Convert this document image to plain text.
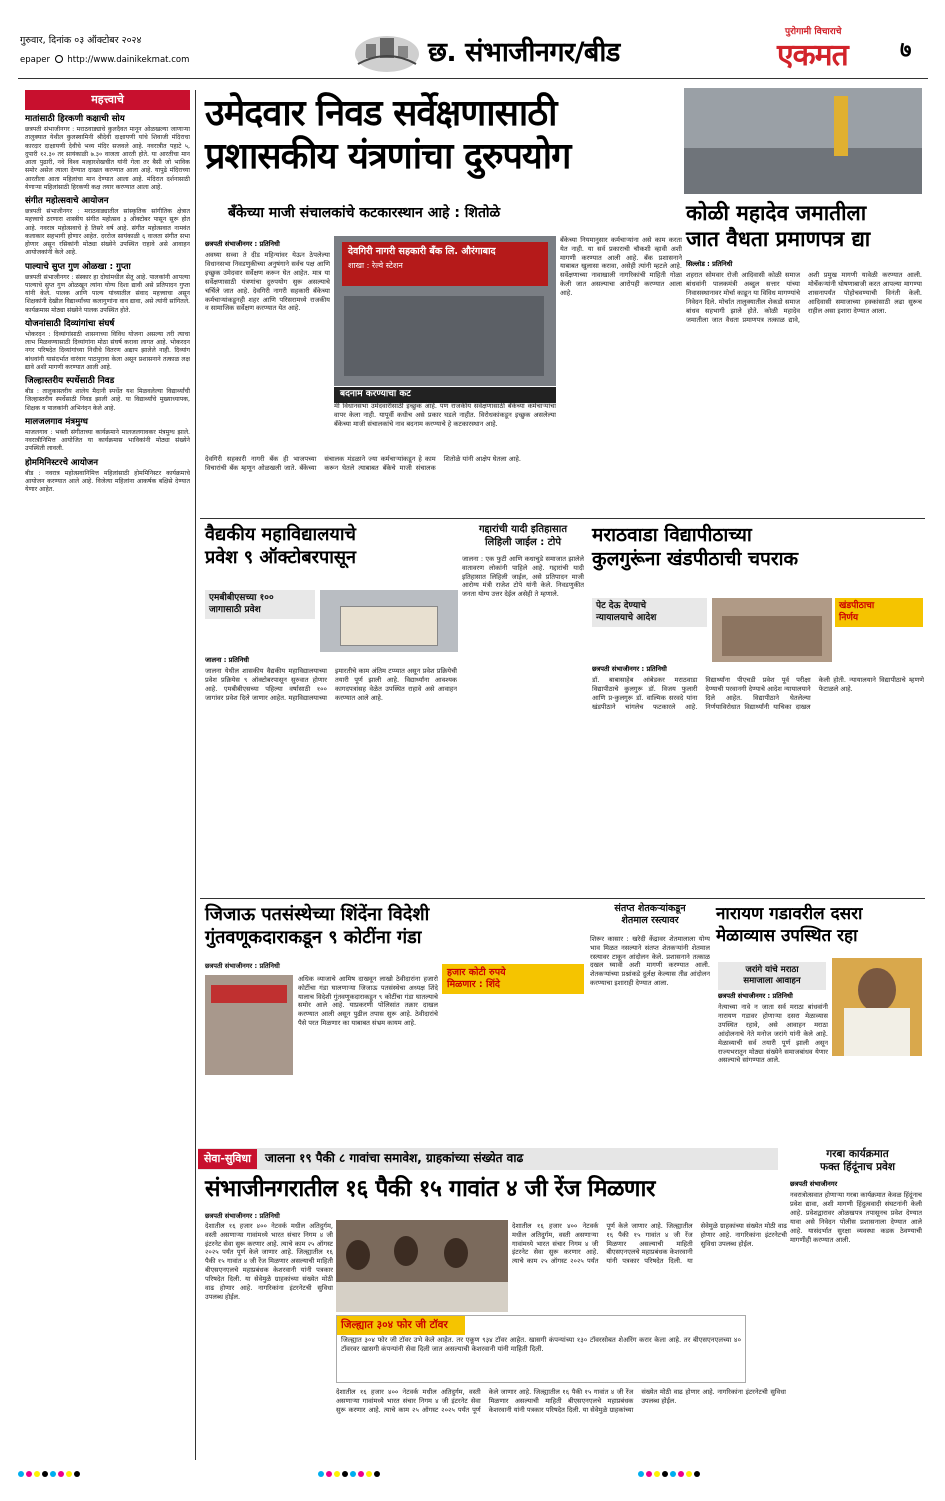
गुरुवार, दिनांक ०३ ऑक्टोबर २०२४
epaper http://www.dainikekmat.com	छ. संभाजीनगर/बीड
पुरोगामी विचाराचे
एकमत ७
महत्त्वाचे
मातांसाठी हिरकणी कक्षाची सोय

छत्रपती संभाजीनगर : मराठवाड्याचे कुलदैवत मानून ओळखल्या जाणाऱ्या तालुक्यात येथील कुलस्वामिनी श्रीदेवी दाक्षायणी यांचे शिवाजी मंदिराचा कारदार दाक्षायणी देवीचे भव्य मंदिर सजवले आहे. नवरात्रीत पहाटे ५, दुपारी १२.३० तर सायंकाळी ७.३० वाजता आरती होते. या आरतीचा मान आता पुढारी, नवे विश्व मल्हारशेखचीत यांनी गेला तर बैसी जो भाविक समोर असेल त्याला देण्यात दाखल करण्यात आला आहे. यापुढे मंदिराच्या आरतीला आता महिलांचा मान देण्यात आला आहे. मंदिरात दर्शनासाठी येणाऱ्या महिलांसाठी हिरकणी कक्ष तयार करण्यात आला आहे.

संगीत महोत्सवाचे आयोजन

छत्रपती संभाजीनगर : मराठवाड्यातील सांस्कृतिक सांगीतिक क्षेत्रात महत्त्वाचे ठरणारा शास्त्रीय संगीत महोत्सव ३ ऑक्टोबर पासून सुरू होत आहे. नवरात्र महोत्सवाचे हे तिसरे वर्ष आहे. संगीत महोत्सवात नामवंत कलाकार सहभागी होणार आहेत. दररोज सायंकाळी ६ वाजता संगीत सभा होणार असून रसिकांनी मोठ्या संख्येने उपस्थित राहावे असे आवाहन आयोजकांनी केले आहे.

पाल्याचे सुप्त गुण ओळखा : गुप्ता

छत्रपती संभाजीनगर : संस्कार हा दोघांमधील सेतू आहे. पालकांनी आपल्या पाल्याचे सुप्त गुण ओळखून त्यांना योग्य दिशा द्यावी असे प्रतिपादन गुप्ता यांनी केले. पालक आणि पाल्य यांच्यातील संवाद महत्त्वाचा असून शिक्षकांनी देखील विद्यार्थ्यांच्या कलागुणांना वाव द्यावा, असे त्यांनी सांगितले. कार्यक्रमास मोठ्या संख्येने पालक उपस्थित होते.

योजनांसाठी दिव्यांगांचा संघर्ष

भोकरदन : दिव्यांगांसाठी शासनाच्या विविध योजना असल्या तरी त्याचा लाभ मिळवण्यासाठी दिव्यांगांना मोठा संघर्ष करावा लागत आहे. भोकरदन नगर परिषदेत दिव्यांगांच्या निधीचे वितरण अद्याप झालेले नाही. दिव्यांग बांधवांनी यासंदर्भात वारंवार पाठपुरावा केला असून प्रशासनाने तत्काळ लक्ष द्यावे अशी मागणी करण्यात आली आहे.

जिल्हास्तरीय स्पर्धेसाठी निवड

बीड : तालुकास्तरीय शालेय मैदानी स्पर्धेत यश मिळवलेल्या विद्यार्थ्यांची जिल्हास्तरीय स्पर्धेसाठी निवड झाली आहे. या विद्यार्थ्यांचे मुख्याध्यापक, शिक्षक व पालकांनी अभिनंदन केले आहे.

मालजलगाव मंत्रमुग्ध

माजलगाव : भक्ती संगीताच्या कार्यक्रमाने मालजलगावकर मंत्रमुग्ध झाले. नवरात्रीनिमित्त आयोजित या कार्यक्रमास भाविकांनी मोठ्या संख्येने उपस्थिती लावली.

होममिनिस्टरचे आयोजन

बीड : नवरात्र महोत्सवानिमित्त महिलांसाठी होममिनिस्टर कार्यक्रमाचे आयोजन करण्यात आले आहे. विजेत्या महिलांना आकर्षक बक्षिसे देण्यात येणार आहेत.

उमेदवार निवड सर्वेक्षणासाठी
प्रशासकीय यंत्रणांचा दुरुपयोग
बँकेच्या माजी संचालकांचे कटकारस्थान आहे : शितोळे
छत्रपती संभाजीनगर : प्रतिनिधी
अवघ्या सव्वा ते दीड महिन्यांवर येऊन ठेपलेल्या विधानसभा निवडणुकीच्या अनुषंगाने सर्वच पक्ष आणि इच्छुक उमेदवार सर्वेक्षण करून घेत आहेत. मात्र या सर्वेक्षणासाठी यंत्रणांचा दुरुपयोग सुरू असल्याचे चर्चिले जात आहे. देवगिरी नागरी सहकारी बँकेच्या कर्मचाऱ्यांकडूनही शहर आणि परिसरामध्ये राजकीय व सामाजिक सर्वेक्षण करण्यात येत आहे.
देवगिरी नागरी सहकारी बँक लि. औरंगाबाद
शाखा : रेल्वे स्टेशन
बदनाम करण्याचा कट
मी विधानसभा उमेदवारीसाठी इच्छुक आहे. पण राजकीय सर्वेक्षणासाठी बँकेच्या कर्मचाऱ्यांचा वापर केला नाही. यापूर्वी कधीच असे प्रकार घडले नाहीत. विरोधकांकडून इच्छुक असलेल्या बँकेच्या माजी संचालकांचे नाव बदनाम करण्याचे हे कटकारस्थान आहे.
बँकेच्या नियमानुसार कर्मचाऱ्यांना असे काम करता येत नाही. या सर्व प्रकाराची चौकशी व्हावी अशी मागणी करण्यात आली आहे. बँक प्रशासनाने याबाबत खुलासा करावा, असेही त्यांनी म्हटले आहे. सर्वेक्षणाच्या नावाखाली नागरिकांची माहिती गोळा केली जात असल्याचा आरोपही करण्यात आला आहे.
देवगिरी सहकारी नागरी बँक ही भाजपच्या विचारांची बँक म्हणून ओळखली जाते. बँकेच्या संचालक मंडळाने ज्या कर्मचाऱ्यांकडून हे काम करून घेतले त्याबाबत बँकेचे माजी संचालक शितोळे यांनी आक्षेप घेतला आहे.
कोळी महादेव जमातीला
जात वैधता प्रमाणपत्र द्या
सिल्लोड : प्रतिनिधी
शहरात सोमवार रोजी आदिवासी कोळी समाज बांधवांनी पालकमंत्री अब्दुल सत्तार यांच्या निवासस्थानावर मोर्चा काढून या विविध मागण्यांचे निवेदन दिले. मोर्चात तालुक्यातील शेकडो समाज बांधव सहभागी झाले होते. कोळी महादेव जमातीला जात वैधता प्रमाणपत्र तत्काळ द्यावे, अशी प्रमुख मागणी यावेळी करण्यात आली. मोर्चेकऱ्यांनी घोषणाबाजी करत आपल्या मागण्या शासनापर्यंत पोहोचवण्याची विनंती केली. आदिवासी समाजाच्या हक्कांसाठी लढा सुरूच राहील असा इशारा देण्यात आला.
वैद्यकीय महाविद्यालयाचे
प्रवेश ९ ऑक्टोबरपासून
एमबीबीएसच्या १००
जागासाठी प्रवेश
जालना : प्रतिनिधी
जालना येथील शासकीय वैद्यकीय महाविद्यालयाच्या प्रवेश प्रक्रियेस ९ ऑक्टोबरपासून सुरुवात होणार आहे. एमबीबीएसच्या पहिल्या वर्षासाठी १०० जागांवर प्रवेश दिले जाणार आहेत. महाविद्यालयाच्या इमारतीचे काम अंतिम टप्प्यात असून प्रवेश प्रक्रियेची तयारी पूर्ण झाली आहे. विद्यार्थ्यांना आवश्यक कागदपत्रांसह वेळेत उपस्थित राहावे असे आवाहन करण्यात आले आहे.
गद्दारांची यादी इतिहासात
लिहिली जाईल : टोपे
जालना : एक फुटी आणि कधाचुडे समाजात झालेले वातावरण लोकांनी पाहिले आहे. गद्दारांची यादी इतिहासात लिहिली जाईल, असे प्रतिपादन माजी आरोग्य मंत्री राजेश टोपे यांनी केले. निवडणुकीत जनता योग्य उत्तर देईल असेही ते म्हणाले.
मराठवाडा विद्यापीठाच्या
कुलगुरूंना खंडपीठाची चपराक
पेट देऊ देण्याचे
न्यायालयाचे आदेश
खंडपीठाचा
निर्णय
छत्रपती संभाजीनगर : प्रतिनिधी
डॉ. बाबासाहेब आंबेडकर मराठवाडा विद्यापीठाचे कुलगुरू डॉ. विजय फुलारी आणि प्र-कुलगुरू डॉ. वाल्मिक सरवदे यांना खंडपीठाने चांगलेच फटकारले आहे. विद्यार्थ्यांना पीएचडी प्रवेश पूर्व परीक्षा देण्याची परवानगी देण्याचे आदेश न्यायालयाने दिले आहेत. विद्यापीठाने घेतलेल्या निर्णयाविरोधात विद्यार्थ्यांनी याचिका दाखल केली होती. न्यायालयाने विद्यापीठाचे म्हणणे फेटाळले आहे.
जिजाऊ पतसंस्थेच्या शिंदेंना विदेशी
गुंतवणूकदाराकडून ९ कोटींना गंडा
छत्रपती संभाजीनगर : प्रतिनिधी
हजार कोटी रुपये
मिळणार : शिंदे
अधिक व्याजाचे आमिष दाखवून लाखो ठेवीदारांना हजारो कोटींचा गंडा घालणाऱ्या जिजाऊ पतसंस्थेचा अध्यक्ष शिंदे यालाच विदेशी गुंतवणूकदाराकडून ९ कोटींचा गंडा घातल्याचे समोर आले आहे. याप्रकरणी पोलिसांत तक्रार दाखल करण्यात आली असून पुढील तपास सुरू आहे. ठेवीदारांचे पैसे परत मिळणार का याबाबत संभ्रम कायम आहे.

संतप्त शेतकऱ्यांकडून
शेतमाल रस्त्यावर
शिरूर कासार : खरेदी केंद्रावर शेतमालाला योग्य भाव मिळत नसल्याने संतप्त शेतकऱ्यांनी शेतमाल रस्त्यावर टाकून आंदोलन केले. प्रशासनाने तत्काळ दखल घ्यावी अशी मागणी करण्यात आली. शेतकऱ्यांच्या प्रश्नांकडे दुर्लक्ष केल्यास तीव्र आंदोलन करण्याचा इशाराही देण्यात आला.
नारायण गडावरील दसरा
मेळाव्यास उपस्थित रहा
जरांगे यांचे मराठा
समाजाला आवाहन
छत्रपती संभाजीनगर : प्रतिनिधी
नेत्याच्या नावे न जाता सर्व मराठा बांधवांनी नारायण गडावर होणाऱ्या दसरा मेळाव्यास उपस्थित रहावे, असे आवाहन मराठा आंदोलनाचे नेते मनोज जरांगे यांनी केले आहे. मेळाव्याची सर्व तयारी पूर्ण झाली असून राज्यभरातून मोठ्या संख्येने समाजबांधव येणार असल्याचे सांगण्यात आले.
सेवा-सुविधा	जालना १९ पैकी ८ गावांचा समावेश, ग्राहकांच्या संख्येत वाढ
संभाजीनगरातील १६ पैकी १५ गावांत ४ जी रेंज मिळणार
छत्रपती संभाजीनगर : प्रतिनिधी
जिल्ह्यात ३०४ फोर जी टॉवर
जिल्ह्यात ३०४ फोर जी टॉवर उभे केले आहेत. तर एकूण ९३४ टॉवर आहेत. खासगी कंपन्यांच्या १३० टॉवरसोबत शेअरिंग करार केला आहे. तर बीएसएनएलच्या ४० टॉवरवर खासगी कंपन्यांनी सेवा दिली जात असल्याची केशरवानी यांनी माहिती दिली.
देशातील १६ हजार ४०० नेटवर्क मधील अतिदुर्गम, वस्ती असणाऱ्या गावांमध्ये भारत संचार निगम ४ जी इंटरनेट सेवा सुरू करणार आहे. त्याचे काम २५ ऑगस्ट २०२५ पर्यंत पूर्ण केले जाणार आहे. जिल्ह्यातील १६ पैकी १५ गावांत ४ जी रेंज मिळणार असल्याची माहिती बीएसएनएलचे महाप्रबंधक केशरवानी यांनी पत्रकार परिषदेत दिली. या सेवेमुळे ग्राहकांच्या संख्येत मोठी वाढ होणार आहे. नागरिकांना इंटरनेटची सुविधा उपलब्ध होईल.
देशातील १६ हजार ४०० नेटवर्क मधील अतिदुर्गम, वस्ती असणाऱ्या गावांमध्ये भारत संचार निगम ४ जी इंटरनेट सेवा सुरू करणार आहे. त्याचे काम २५ ऑगस्ट २०२५ पर्यंत पूर्ण केले जाणार आहे. जिल्ह्यातील १६ पैकी १५ गावांत ४ जी रेंज मिळणार असल्याची माहिती बीएसएनएलचे महाप्रबंधक केशरवानी यांनी पत्रकार परिषदेत दिली. या सेवेमुळे ग्राहकांच्या संख्येत मोठी वाढ होणार आहे. नागरिकांना इंटरनेटची सुविधा उपलब्ध होईल.
देशातील १६ हजार ४०० नेटवर्क मधील अतिदुर्गम, वस्ती असणाऱ्या गावांमध्ये भारत संचार निगम ४ जी इंटरनेट सेवा सुरू करणार आहे. त्याचे काम २५ ऑगस्ट २०२५ पर्यंत पूर्ण केले जाणार आहे. जिल्ह्यातील १६ पैकी १५ गावांत ४ जी रेंज मिळणार असल्याची माहिती बीएसएनएलचे महाप्रबंधक केशरवानी यांनी पत्रकार परिषदेत दिली. या सेवेमुळे ग्राहकांच्या संख्येत मोठी वाढ होणार आहे. नागरिकांना इंटरनेटची सुविधा उपलब्ध होईल.
गरबा कार्यक्रमात
फक्त हिंदूंनाच प्रवेश
छत्रपती संभाजीनगर
नवरात्रोत्सवात होणाऱ्या गरबा कार्यक्रमात केवळ हिंदूंनाच प्रवेश द्यावा, अशी मागणी हिंदुत्ववादी संघटनांनी केली आहे. प्रवेशद्वारावर ओळखपत्र तपासूनच प्रवेश देण्यात यावा असे निवेदन पोलीस प्रशासनाला देण्यात आले आहे. यासंदर्भात सुरक्षा व्यवस्था कडक ठेवण्याची मागणीही करण्यात आली.
